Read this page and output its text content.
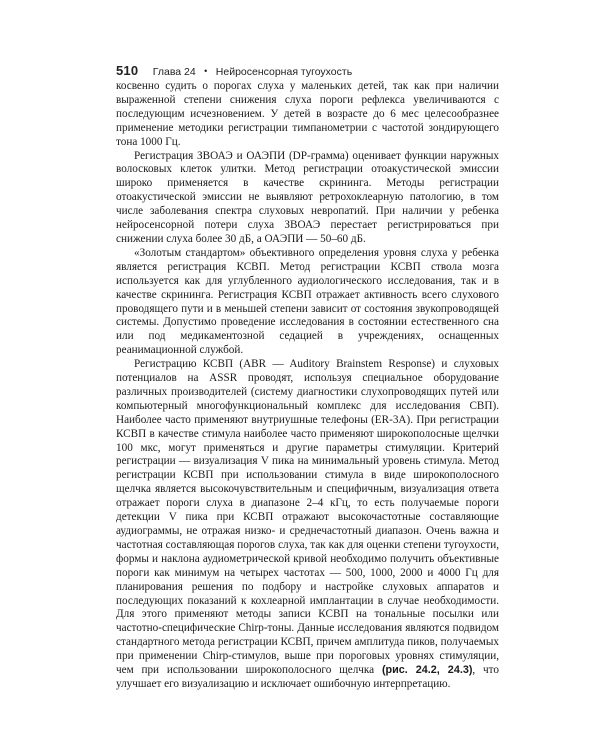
510 Глава 24 • Нейросенсорная тугоухость

косвенно судить о порогах слуха у маленьких детей, так как при наличии выраженной степени снижения слуха пороги рефлекса увеличиваются с последующим исчезновением. У детей в возрасте до 6 мес целесообразнее применение методики регистрации тимпанометрии с частотой зондирующего тона 1000 Гц.

Регистрация ЗВОАЭ и ОАЭПИ (DP-грамма) оценивает функции наружных волосковых клеток улитки. Метод регистрации отоакустической эмиссии широко применяется в качестве скрининга. Методы регистрации отоакустической эмиссии не выявляют ретрохоклеарную патологию, в том числе заболевания спектра слуховых невропатий. При наличии у ребенка нейросенсорной потери слуха ЗВОАЭ перестает регистрироваться при снижении слуха более 30 дБ, а ОАЭПИ — 50–60 дБ.

«Золотым стандартом» объективного определения уровня слуха у ребенка является регистрация КСВП. Метод регистрации КСВП ствола мозга используется как для углубленного аудиологического исследования, так и в качестве скрининга. Регистрация КСВП отражает активность всего слухового проводящего пути и в меньшей степени зависит от состояния звукопроводящей системы. Допустимо проведение исследования в состоянии естественного сна или под медикаментозной седацией в учреждениях, оснащенных реанимационной службой.

Регистрацию КСВП (ABR — Auditory Brainstem Response) и слуховых потенциалов на ASSR проводят, используя специальное оборудование различных производителей (систему диагностики слухопроводящих путей или компьютерный многофункциональный комплекс для исследования СВП). Наиболее часто применяют внутриушные телефоны (ER-3A). При регистрации КСВП в качестве стимула наиболее часто применяют широкополосные щелчки 100 мкс, могут применяться и другие параметры стимуляции. Критерий регистрации — визуализация V пика на минимальный уровень стимула. Метод регистрации КСВП при использовании стимула в виде широкополосного щелчка является высокочувствительным и специфичным, визуализация ответа отражает пороги слуха в диапазоне 2–4 кГц, то есть получаемые пороги детекции V пика при КСВП отражают высокочастотные составляющие аудиограммы, не отражая низко- и среднечастотный диапазон. Очень важна и частотная составляющая порогов слуха, так как для оценки степени тугоухости, формы и наклона аудиометрической кривой необходимо получить объективные пороги как минимум на четырех частотах — 500, 1000, 2000 и 4000 Гц для планирования решения по подбору и настройке слуховых аппаратов и последующих показаний к кохлеарной имплантации в случае необходимости. Для этого применяют методы записи КСВП на тональные посылки или частотно-специфические Chirp-тоны. Данные исследования являются подвидом стандартного метода регистрации КСВП, причем амплитуда пиков, получаемых при применении Chirp-стимулов, выше при пороговых уровнях стимуляции, чем при использовании широкополосного щелчка (рис. 24.2, 24.3), что улучшает его визуализацию и исключает ошибочную интерпретацию.
